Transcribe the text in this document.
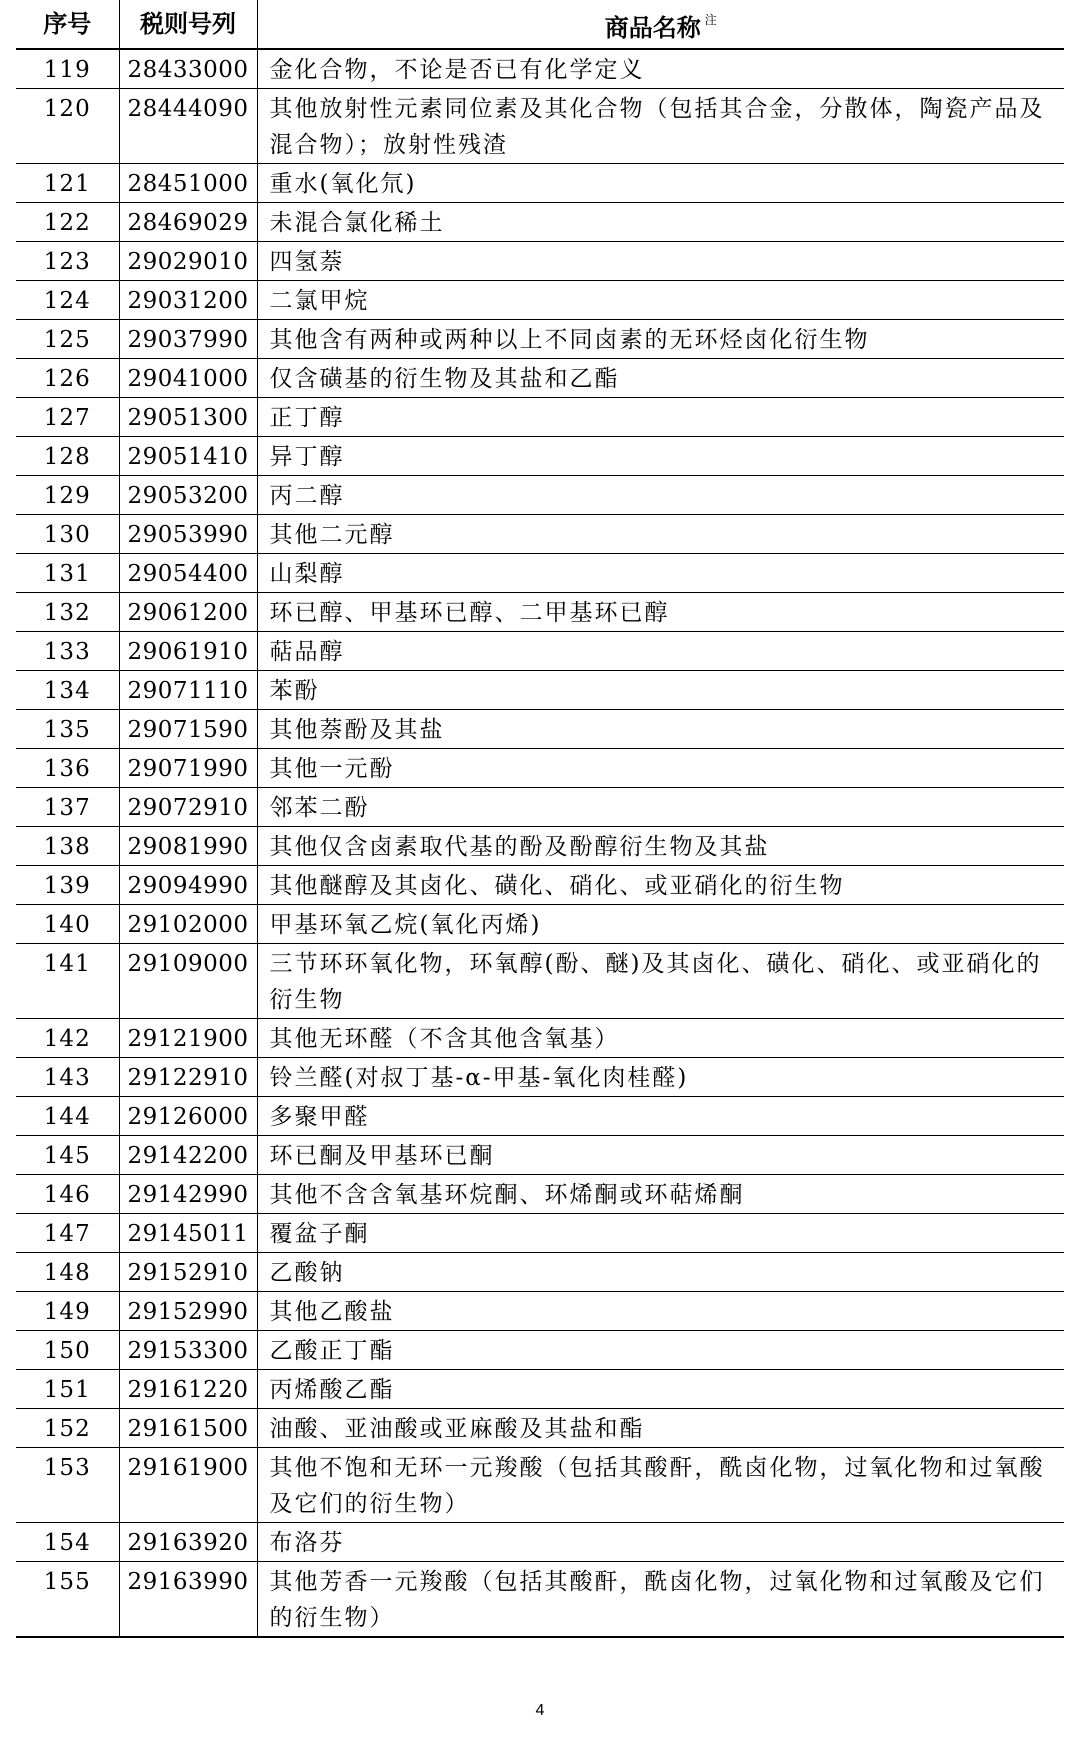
序号	税则号列	商品名称 $^注$
119	28433000	金化合物，不论是否已有化学定义
120	28444090	其他放射性元素同位素及其化合物（包括其合金，分散体，陶瓷产品及混合物）；放射性残渣
121	28451000	重水(氧化氘)
122	28469029	未混合氯化稀土
123	29029010	四氢萘
124	29031200	二氯甲烷
125	29037990	其他含有两种或两种以上不同卤素的无环烃卤化衍生物
126	29041000	仅含磺基的衍生物及其盐和乙酯
127	29051300	正丁醇
128	29051410	异丁醇
129	29053200	丙二醇
130	29053990	其他二元醇
131	29054400	山梨醇
132	29061200	环已醇、甲基环已醇、二甲基环已醇
133	29061910	萜品醇
134	29071110	苯酚
135	29071590	其他萘酚及其盐
136	29071990	其他一元酚
137	29072910	邻苯二酚
138	29081990	其他仅含卤素取代基的酚及酚醇衍生物及其盐
139	29094990	其他醚醇及其卤化、磺化、硝化、或亚硝化的衍生物
140	29102000	甲基环氧乙烷(氧化丙烯)
141	29109000	三节环环氧化物，环氧醇(酚、醚)及其卤化、磺化、硝化、或亚硝化的衍生物
142	29121900	其他无环醛（不含其他含氧基）
143	29122910	铃兰醛(对叔丁基-α-甲基-氧化肉桂醛)
144	29126000	多聚甲醛
145	29142200	环已酮及甲基环已酮
146	29142990	其他不含含氧基环烷酮、环烯酮或环萜烯酮
147	29145011	覆盆子酮
148	29152910	乙酸钠
149	29152990	其他乙酸盐
150	29153300	乙酸正丁酯
151	29161220	丙烯酸乙酯
152	29161500	油酸、亚油酸或亚麻酸及其盐和酯
153	29161900	其他不饱和无环一元羧酸（包括其酸酐，酰卤化物，过氧化物和过氧酸及它们的衍生物）
154	29163920	布洛芬
155	29163990	其他芳香一元羧酸（包括其酸酐，酰卤化物，过氧化物和过氧酸及它们的衍生物）
4
